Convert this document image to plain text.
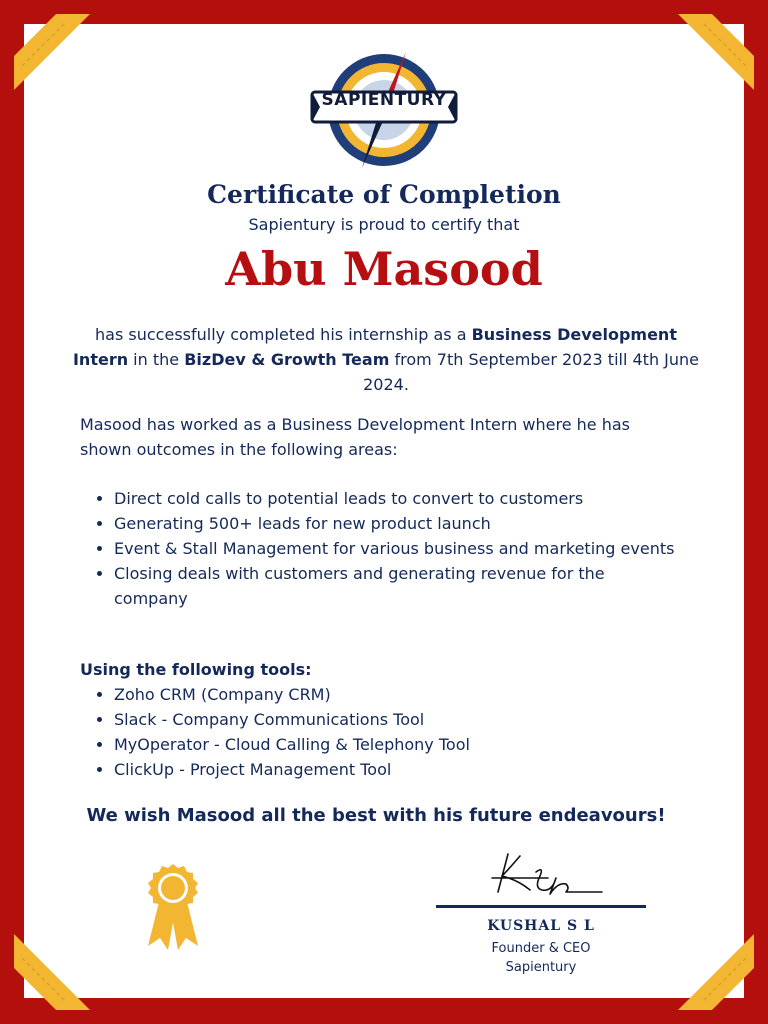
SAPIENTURY
Certificate of Completion
Sapientury is proud to certify that
Abu Masood
has successfully completed his internship as a Business Development Intern in the BizDev & Growth Team from 7th September 2023 till 4th June 2024.
Masood has worked as a Business Development Intern where he has shown outcomes in the following areas:
• Direct cold calls to potential leads to convert to customers
• Generating 500+ leads for new product launch
• Event & Stall Management for various business and marketing events
• Closing deals with customers and generating revenue for the company
Using the following tools:
• Zoho CRM (Company CRM)
• Slack - Company Communications Tool
• MyOperator - Cloud Calling & Telephony Tool
• ClickUp - Project Management Tool
We wish Masood all the best with his future endeavours!
KUSHAL S L
Founder & CEO
Sapientury
